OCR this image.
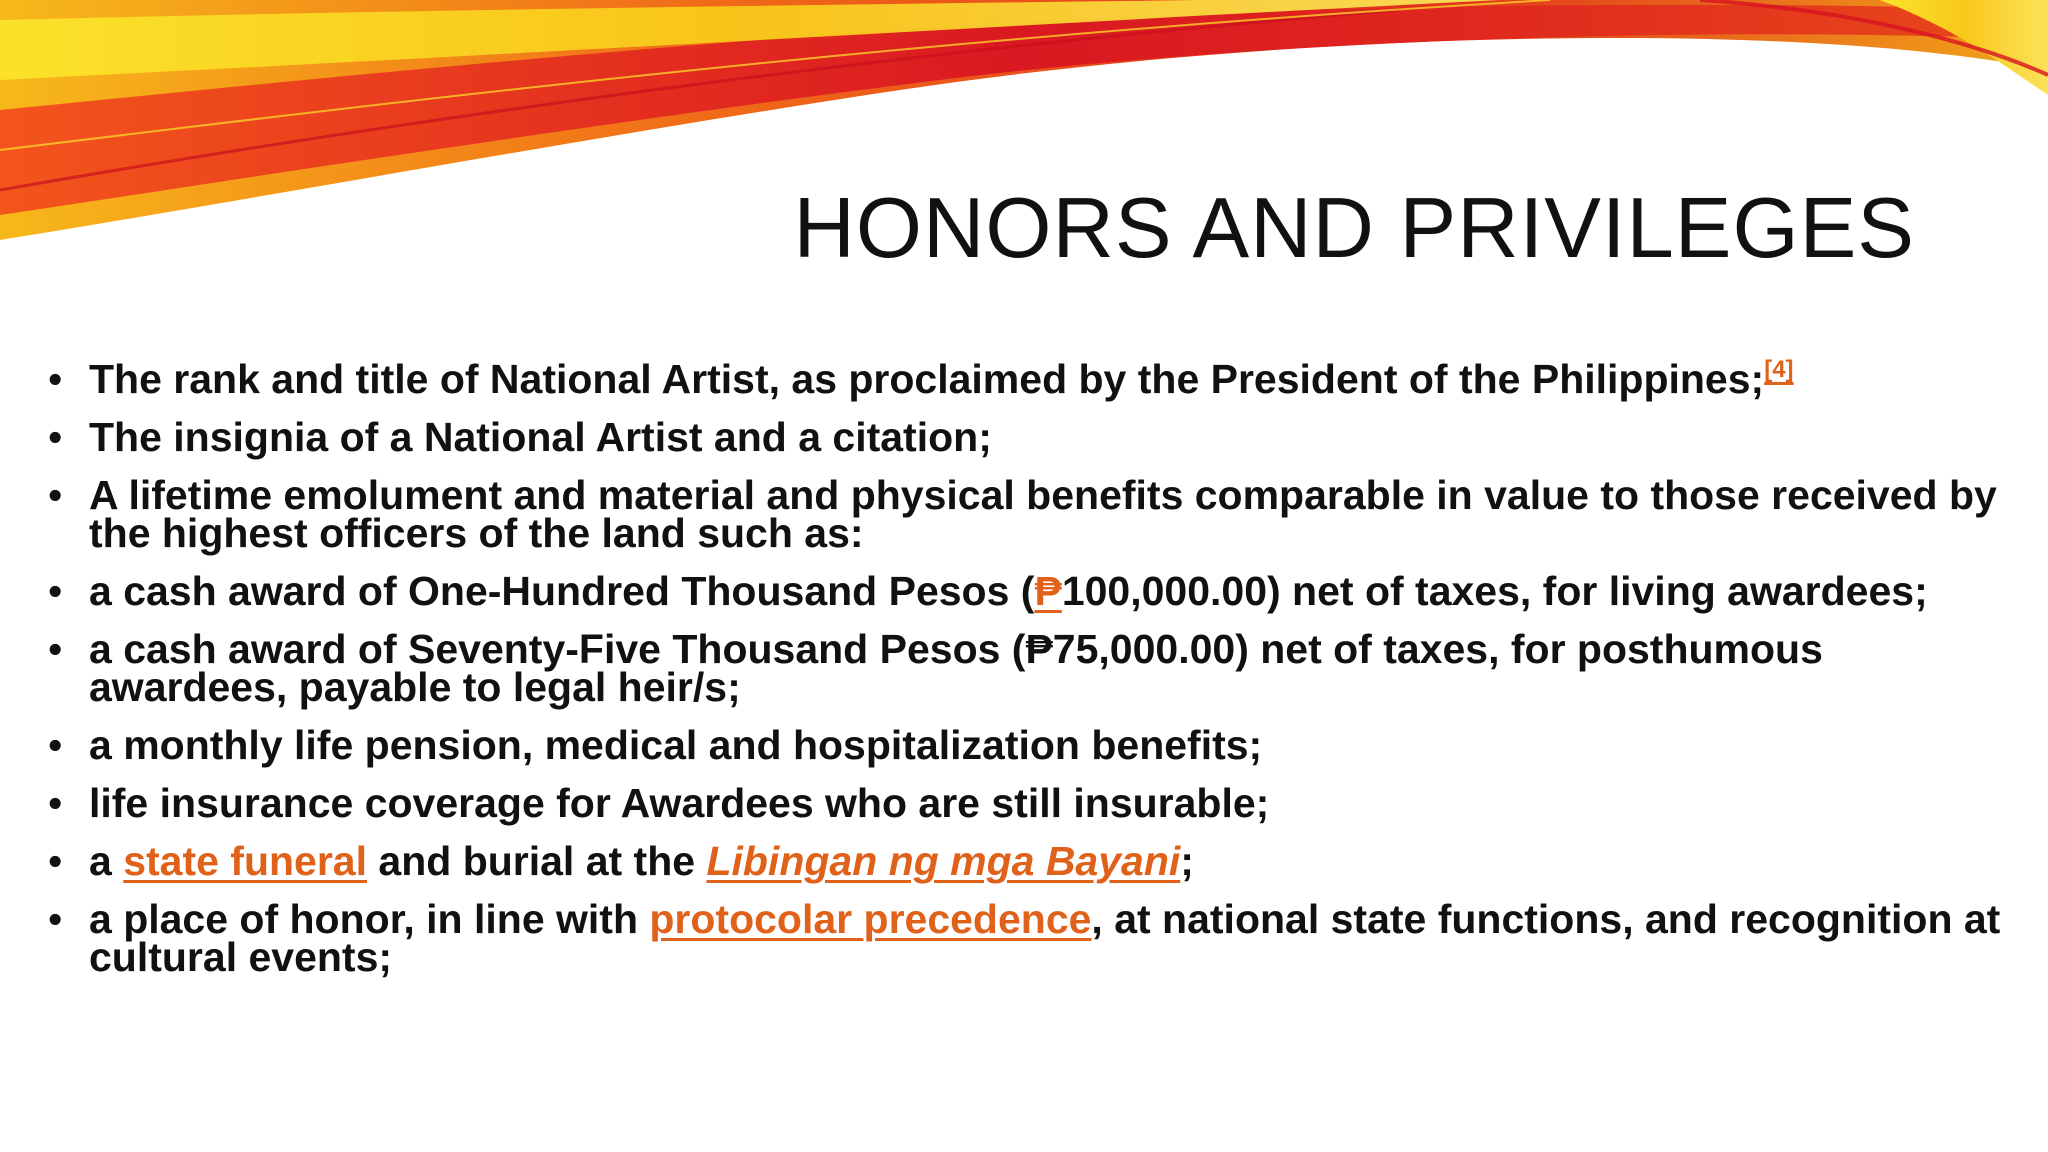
HONORS AND PRIVILEGES
• The rank and title of National Artist, as proclaimed by the President of the Philippines;[4]
• The insignia of a National Artist and a citation;
• A lifetime emolument and material and physical benefits comparable in value to those received by the highest officers of the land such as:
• a cash award of One-Hundred Thousand Pesos (₱100,000.00) net of taxes, for living awardees;
• a cash award of Seventy-Five Thousand Pesos (₱75,000.00) net of taxes, for posthumous awardees, payable to legal heir/s;
• a monthly life pension, medical and hospitalization benefits;
• life insurance coverage for Awardees who are still insurable;
• a state funeral and burial at the Libingan ng mga Bayani;
• a place of honor, in line with protocolar precedence, at national state functions, and recognition at cultural events;
